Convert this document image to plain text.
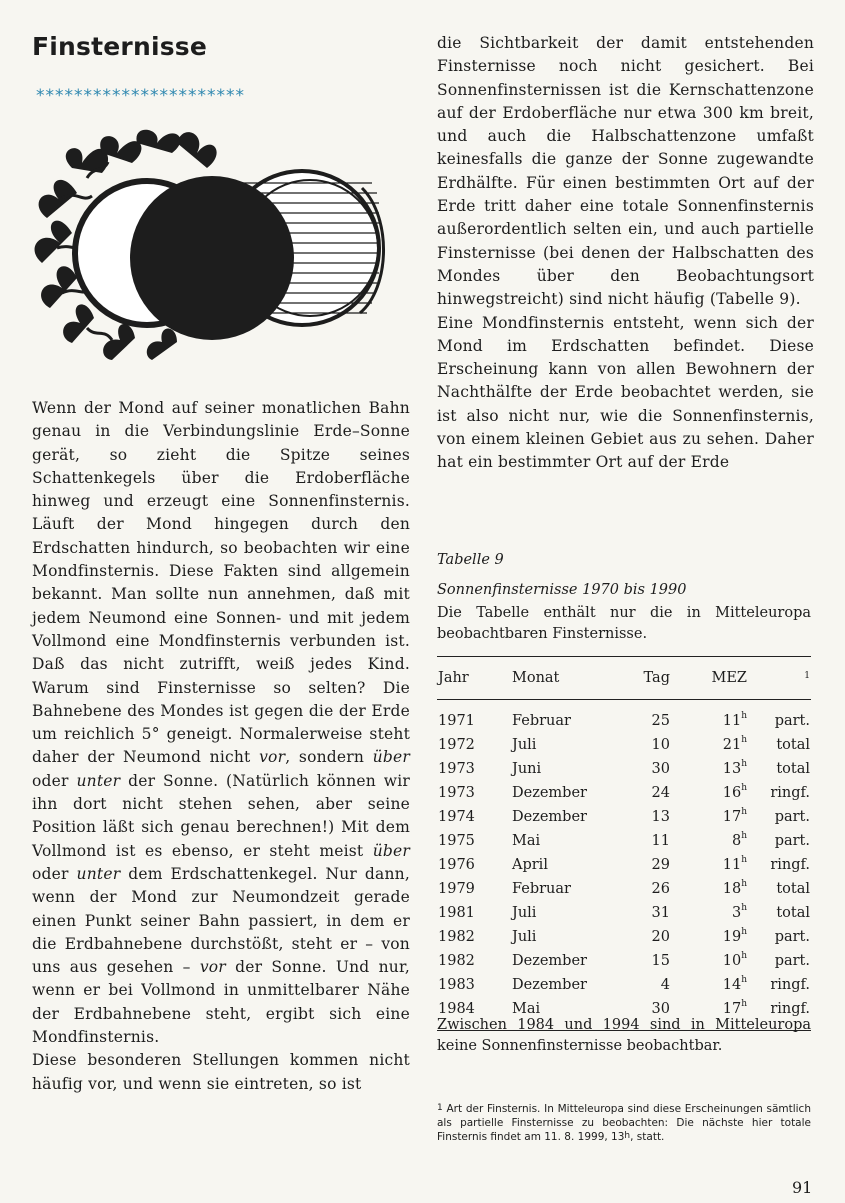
Finsternisse
**********************

Wenn der Mond auf seiner monatlichen Bahn genau in die Verbindungslinie Erde–Sonne gerät, so zieht die Spitze seines Schattenkegels über die Erdoberfläche hinweg und erzeugt eine Sonnenfinsternis. Läuft der Mond hingegen durch den Erdschatten hindurch, so beobachten wir eine Mondfinsternis. Diese Fakten sind allgemein bekannt. Man sollte nun annehmen, daß mit jedem Neumond eine Sonnen- und mit jedem Vollmond eine Mondfinsternis verbunden ist. Daß das nicht zutrifft, weiß jedes Kind. Warum sind Finsternisse so selten? Die Bahnebene des Mondes ist gegen die der Erde um reichlich 5° geneigt. Normalerweise steht daher der Neumond nicht vor, sondern über oder unter der Sonne. (Natürlich können wir ihn dort nicht stehen sehen, aber seine Position läßt sich genau berechnen!) Mit dem Vollmond ist es ebenso, er steht meist über oder unter dem Erdschattenkegel. Nur dann, wenn der Mond zur Neumondzeit gerade einen Punkt seiner Bahn passiert, in dem er die Erdbahnebene durchstößt, steht er – von uns aus gesehen – vor der Sonne. Und nur, wenn er bei Vollmond in unmittelbarer Nähe der Erdbahnebene steht, ergibt sich eine Mondfinsternis.

Diese besonderen Stellungen kommen nicht häufig vor, und wenn sie eintreten, so ist

die Sichtbarkeit der damit entstehenden Finsternisse noch nicht gesichert. Bei Sonnenfinsternissen ist die Kernschattenzone auf der Erdoberfläche nur etwa 300 km breit, und auch die Halbschattenzone umfaßt keinesfalls die ganze der Sonne zugewandte Erdhälfte. Für einen bestimmten Ort auf der Erde tritt daher eine totale Sonnenfinsternis außerordentlich selten ein, und auch partielle Finsternisse (bei denen der Halbschatten des Mondes über den Beobachtungsort hinwegstreicht) sind nicht häufig (Tabelle 9).

Eine Mondfinsternis entsteht, wenn sich der Mond im Erdschatten befindet. Diese Erscheinung kann von allen Bewohnern der Nachthälfte der Erde beobachtet werden, sie ist also nicht nur, wie die Sonnenfinsternis, von einem kleinen Gebiet aus zu sehen. Daher hat ein bestimmter Ort auf der Erde

Tabelle 9
Sonnenfinsternisse 1970 bis 1990
Die Tabelle enthält nur die in Mitteleuropa beobachtbaren Finsternisse.
Jahr	Monat	Tag	MEZ	$^1$
1971	Februar	25	11$^h$	part.
1972	Juli	10	21$^h$	total
1973	Juni	30	13$^h$	total
1973	Dezember	24	16$^h$	ringf.
1974	Dezember	13	17$^h$	part.
1975	Mai	11	8$^h$	part.
1976	April	29	11$^h$	ringf.
1979	Februar	26	18$^h$	total
1981	Juli	31	3$^h$	total
1982	Juli	20	19$^h$	part.
1982	Dezember	15	10$^h$	part.
1983	Dezember	4	14$^h$	ringf.
1984	Mai	30	17$^h$	ringf.
Zwischen 1984 und 1994 sind in Mitteleuropa keine Sonnenfinsternisse beobachtbar.
$^1$ Art der Finsternis. In Mitteleuropa sind diese Erscheinungen sämtlich als partielle Finsternisse zu beobachten: Die nächste hier totale Finsternis findet am 11. 8. 1999, 13$^h$, statt.
91
